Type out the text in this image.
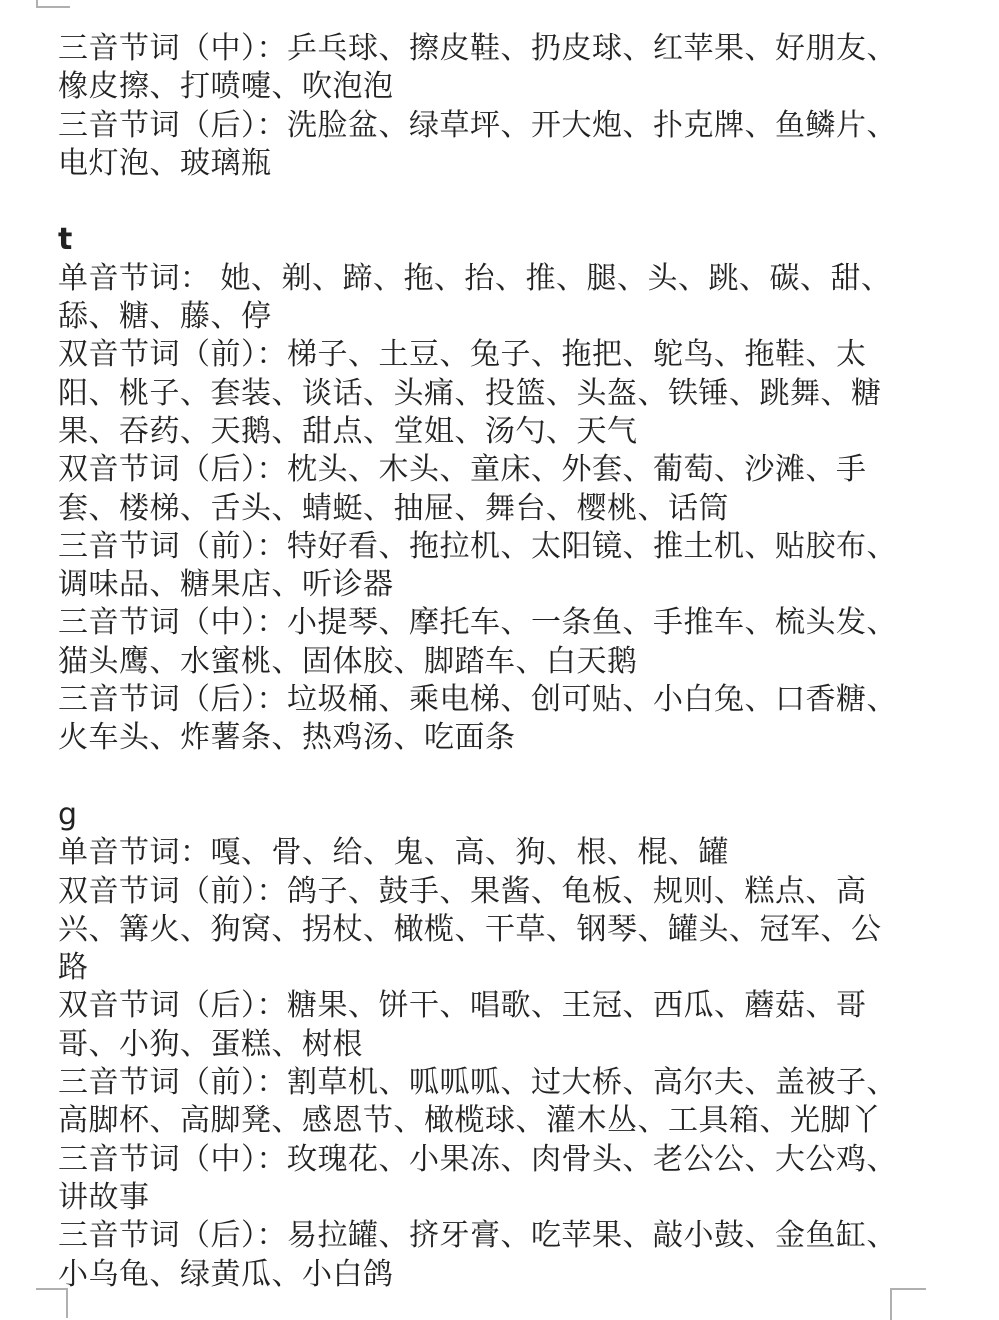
三音节词（中）：乒乓球、擦皮鞋、扔皮球、红苹果、好朋友、
橡皮擦、打喷嚏、吹泡泡
三音节词（后）：洗脸盆、绿草坪、开大炮、扑克牌、鱼鳞片、
电灯泡、玻璃瓶
t
单音节词： 她、剃、蹄、拖、抬、推、腿、头、跳、碳、甜、
舔、糖、藤、停
双音节词（前）：梯子、土豆、兔子、拖把、鸵鸟、拖鞋、太
阳、桃子、套装、谈话、头痛、投篮、头盔、铁锤、跳舞、糖
果、吞药、天鹅、甜点、堂姐、汤勺、天气
双音节词（后）：枕头、木头、童床、外套、葡萄、沙滩、手
套、楼梯、舌头、蜻蜓、抽屉、舞台、樱桃、话筒
三音节词（前）：特好看、拖拉机、太阳镜、推土机、贴胶布、
调味品、糖果店、听诊器
三音节词（中）：小提琴、摩托车、一条鱼、手推车、梳头发、
猫头鹰、水蜜桃、固体胶、脚踏车、白天鹅
三音节词（后）：垃圾桶、乘电梯、创可贴、小白兔、口香糖、
火车头、炸薯条、热鸡汤、吃面条
g
单音节词：嘎、骨、给、鬼、高、狗、根、棍、罐
双音节词（前）：鸽子、鼓手、果酱、龟板、规则、糕点、高
兴、篝火、狗窝、拐杖、橄榄、干草、钢琴、罐头、冠军、公
路
双音节词（后）：糖果、饼干、唱歌、王冠、西瓜、蘑菇、哥
哥、小狗、蛋糕、树根
三音节词（前）：割草机、呱呱呱、过大桥、高尔夫、盖被子、
高脚杯、高脚凳、感恩节、橄榄球、灌木丛、工具箱、光脚丫
三音节词（中）：玫瑰花、小果冻、肉骨头、老公公、大公鸡、
讲故事
三音节词（后）：易拉罐、挤牙膏、吃苹果、敲小鼓、金鱼缸、
小乌龟、绿黄瓜、小白鸽
